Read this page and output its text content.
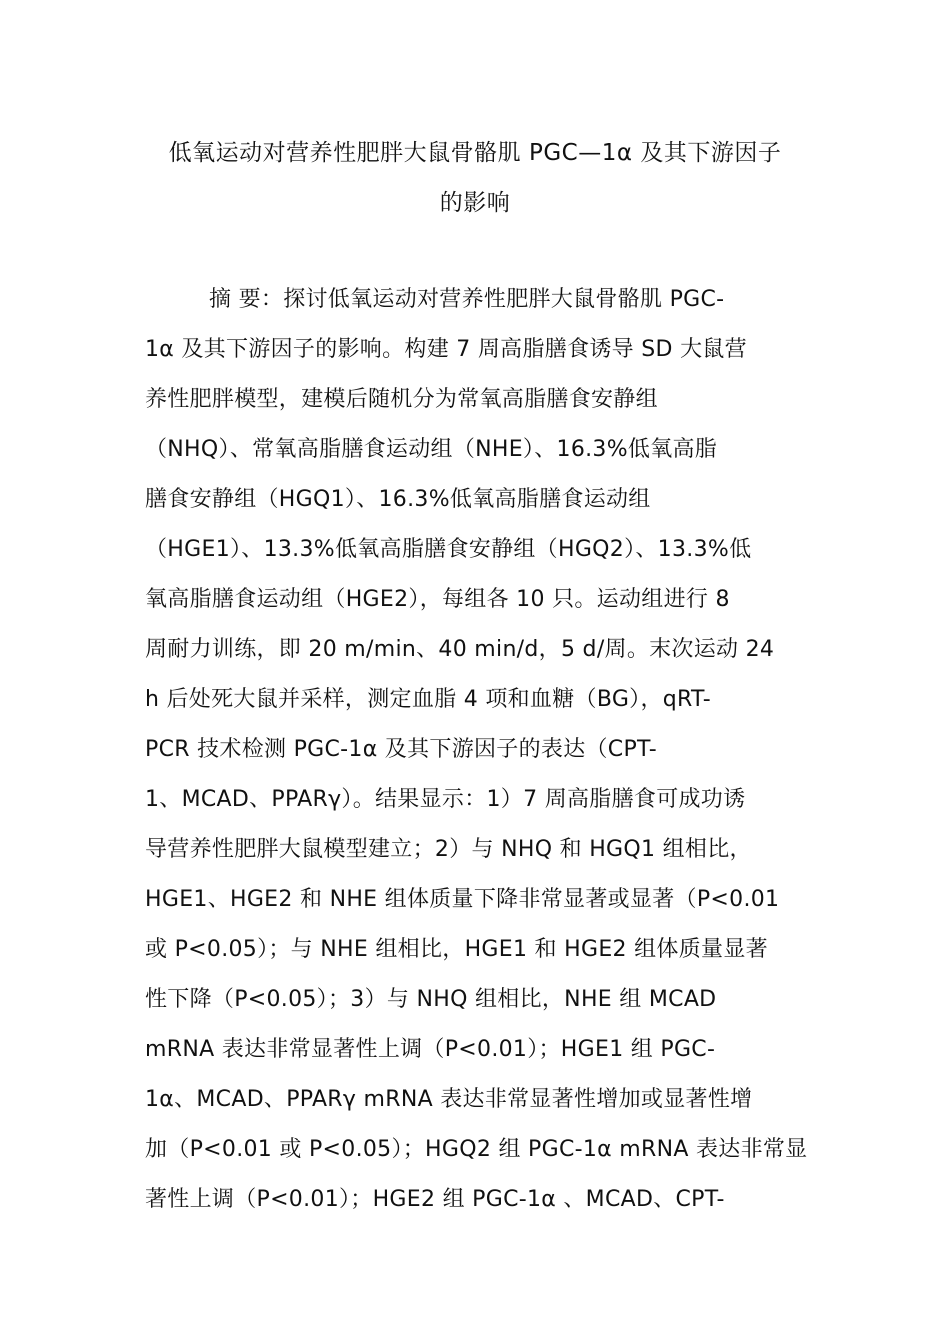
低氧运动对营养性肥胖大鼠骨骼肌 PGC—1α 及其下游因子
的影响
摘 要：探讨低氧运动对营养性肥胖大鼠骨骼肌 PGC-
1α 及其下游因子的影响。构建 7 周高脂膳食诱导 SD 大鼠营
养性肥胖模型，建模后随机分为常氧高脂膳食安静组
（NHQ）、常氧高脂膳食运动组（NHE）、16.3%低氧高脂
膳食安静组（HGQ1）、16.3%低氧高脂膳食运动组
（HGE1）、13.3%低氧高脂膳食安静组（HGQ2）、13.3%低
氧高脂膳食运动组（HGE2），每组各 10 只。运动组进行 8
周耐力训练，即 20 m/min、40 min/d，5 d/周。末次运动 24
h 后处死大鼠并采样，测定血脂 4 项和血糖（BG），qRT-
PCR 技术检测 PGC-1α 及其下游因子的表达（CPT-
1、MCAD、PPARγ）。结果显示：1）7 周高脂膳食可成功诱
导营养性肥胖大鼠模型建立；2）与 NHQ 和 HGQ1 组相比，
HGE1、HGE2 和 NHE 组体质量下降非常显著或显著（P<0.01
或 P<0.05）；与 NHE 组相比，HGE1 和 HGE2 组体质量显著
性下降（P<0.05）；3）与 NHQ 组相比，NHE 组 MCAD
mRNA 表达非常显著性上调（P<0.01）；HGE1 组 PGC-
1α、MCAD、PPARγ mRNA 表达非常显著性增加或显著性增
加（P<0.01 或 P<0.05）；HGQ2 组 PGC-1α mRNA 表达非常显
著性上调（P<0.01）；HGE2 组 PGC-1α 、MCAD、CPT-
